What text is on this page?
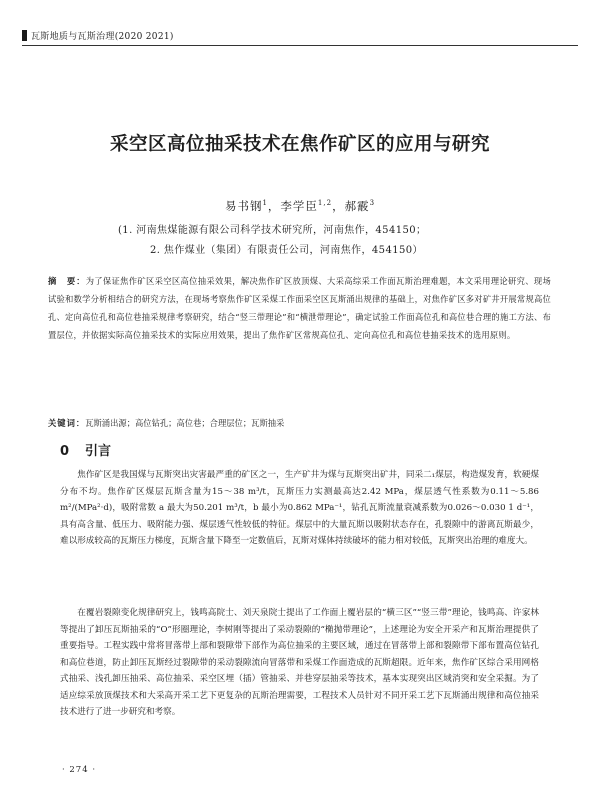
瓦斯地质与瓦斯治理(2020 2021)
采空区高位抽采技术在焦作矿区的应用与研究
易书钢$^1$，李学臣$^{1,2}$，郝霰$^3$
(1. 河南焦煤能源有限公司科学技术研究所，河南焦作，454150；
2. 焦作煤业（集团）有限责任公司，河南焦作，454150）
摘　要：为了保证焦作矿区采空区高位抽采效果，解决焦作矿区放顶煤、大采高综采工作面瓦斯治理难题，本文采用理论研究、现场试验和数学分析相结合的研究方法，在现场考察焦作矿区采煤工作面采空区瓦斯涌出规律的基础上，对焦作矿区多对矿井开展常规高位孔、定向高位孔和高位巷抽采规律考察研究，结合“竖三带理论”和“横泄带理论”，确定试验工作面高位孔和高位巷合理的施工方法、布置层位，并依据实际高位抽采技术的实际应用效果，提出了焦作矿区常规高位孔、定向高位孔和高位巷抽采技术的选用原则。
关键词：瓦斯涌出源；高位钻孔；高位巷；合理层位；瓦斯抽采
0 引言

焦作矿区是我国煤与瓦斯突出灾害最严重的矿区之一，生产矿井为煤与瓦斯突出矿井，同采二₁煤层，构造煤发育，软硬煤分布不均。焦作矿区煤层瓦斯含量为15～38 m³/t，瓦斯压力实测最高达2.42 MPa，煤层透气性系数为0.11～5.86 m²/(MPa²·d)，吸附常数 a 最大为50.201 m³/t，b 最小为0.862 MPa⁻¹，钻孔瓦斯流量衰减系数为0.026～0.030 1 d⁻¹，具有高含量、低压力、吸附能力强、煤层透气性较低的特征。煤层中的大量瓦斯以吸附状态存在，孔裂隙中的游离瓦斯最少，难以形成较高的瓦斯压力梯度，瓦斯含量下降至一定数值后，瓦斯对煤体持续破坏的能力相对较低，瓦斯突出治理的难度大。

在覆岩裂隙变化规律研究上，钱鸣高院士、刘天泉院士提出了工作面上覆岩层的“横三区”“竖三带”理论，钱鸣高、许家林等提出了卸压瓦斯抽采的“O”形圈理论，李树刚等提出了采动裂隙的“椭抛带理论”，上述理论为安全开采产和瓦斯治理提供了重要指导。工程实践中常将冒落带上部和裂隙带下部作为高位抽采的主要区域，通过在冒落带上部和裂隙带下部布置高位钻孔和高位巷道，防止卸压瓦斯经过裂隙带的采动裂隙流向冒落带和采煤工作面造成的瓦斯超限。近年来，焦作矿区综合采用网格式抽采、浅孔卸压抽采、高位抽采、采空区埋（插）管抽采、并巷穿层抽采等技术，基本实现突出区域消突和安全采掘。为了适应综采放顶煤技术和大采高开采工艺下更复杂的瓦斯治理需要，工程技术人员针对不同开采工艺下瓦斯涌出规律和高位抽采技术进行了进一步研究和考察。

· 274 ·
